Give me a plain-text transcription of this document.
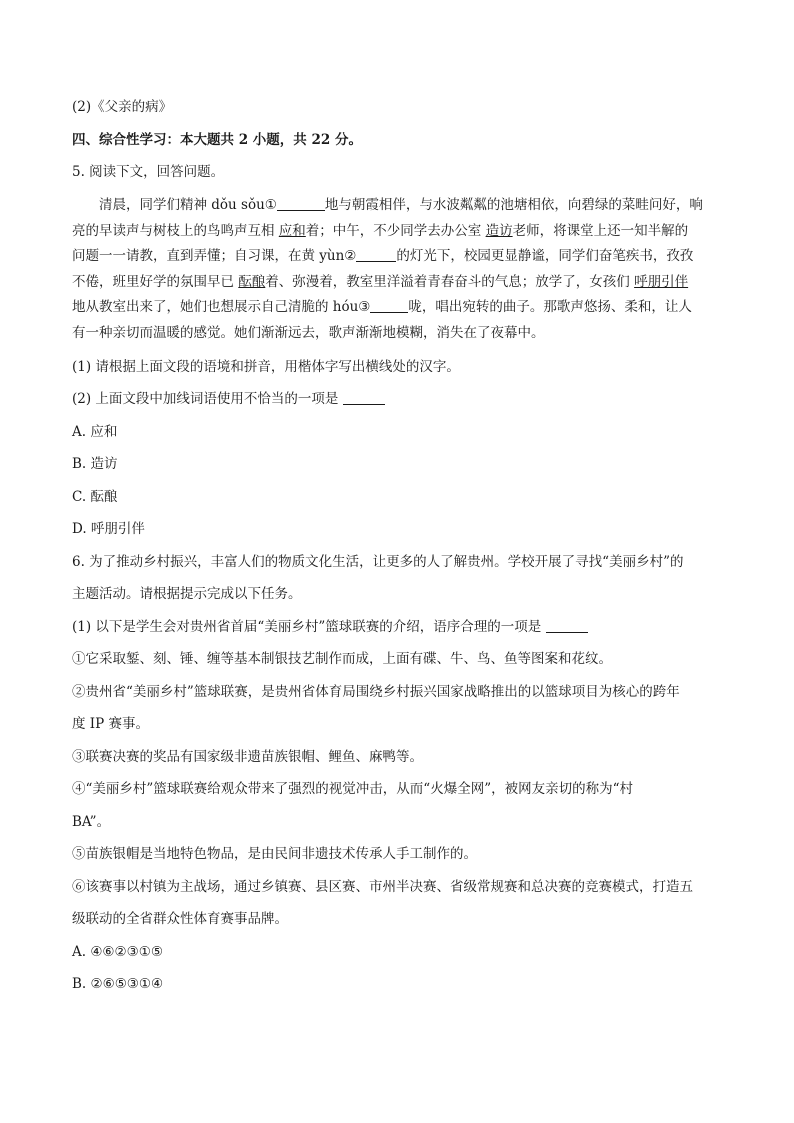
(2)《父亲的病》

四、综合性学习：本大题共 2 小题，共 22 分。

5. 阅读下文，回答问题。

清晨，同学们精神 dǒu sǒu①	地与朝霞相伴，与水波粼粼的池塘相依，向碧绿的菜畦问好，响

亮的早读声与树枝上的鸟鸣声互相 应和着；中午，不少同学去办公室 造访老师，将课堂上还一知半解的

问题一一请教，直到弄懂；自习课，在黄 yùn②	的灯光下，校园更显静谧，同学们奋笔疾书，孜孜

不倦，班里好学的氛围早已 酝酿着、弥漫着，教室里洋溢着青春奋斗的气息；放学了，女孩们 呼朋引伴

地从教室出来了，她们也想展示自己清脆的 hóu③	咙，唱出宛转的曲子。那歌声悠扬、柔和，让人

有一种亲切而温暖的感觉。她们渐渐远去，歌声渐渐地模糊，消失在了夜幕中。

(1) 请根据上面文段的语境和拼音，用楷体字写出横线处的汉字。

(2) 上面文段中加线词语使用不恰当的一项是

A. 应和

B. 造访

C. 酝酿

D. 呼朋引伴

6. 为了推动乡村振兴，丰富人们的物质文化生活，让更多的人了解贵州。学校开展了寻找“美丽乡村”的

主题活动。请根据提示完成以下任务。

(1) 以下是学生会对贵州省首届“美丽乡村”篮球联赛的介绍，语序合理的一项是

①它采取錾、刻、锤、缠等基本制银技艺制作而成，上面有碟、牛、鸟、鱼等图案和花纹。

②贵州省“美丽乡村”篮球联赛，是贵州省体育局围绕乡村振兴国家战略推出的以篮球项目为核心的跨年

度 IP 赛事。

③联赛决赛的奖品有国家级非遗苗族银帽、鲤鱼、麻鸭等。

④“美丽乡村”篮球联赛给观众带来了强烈的视觉冲击，从而“火爆全网”，被网友亲切的称为“村

BA”。

⑤苗族银帽是当地特色物品，是由民间非遗技术传承人手工制作的。

⑥该赛事以村镇为主战场，通过乡镇赛、县区赛、市州半决赛、省级常规赛和总决赛的竞赛模式，打造五

级联动的全省群众性体育赛事品牌。

A. ④⑥②③①⑤

B. ②⑥⑤③①④
